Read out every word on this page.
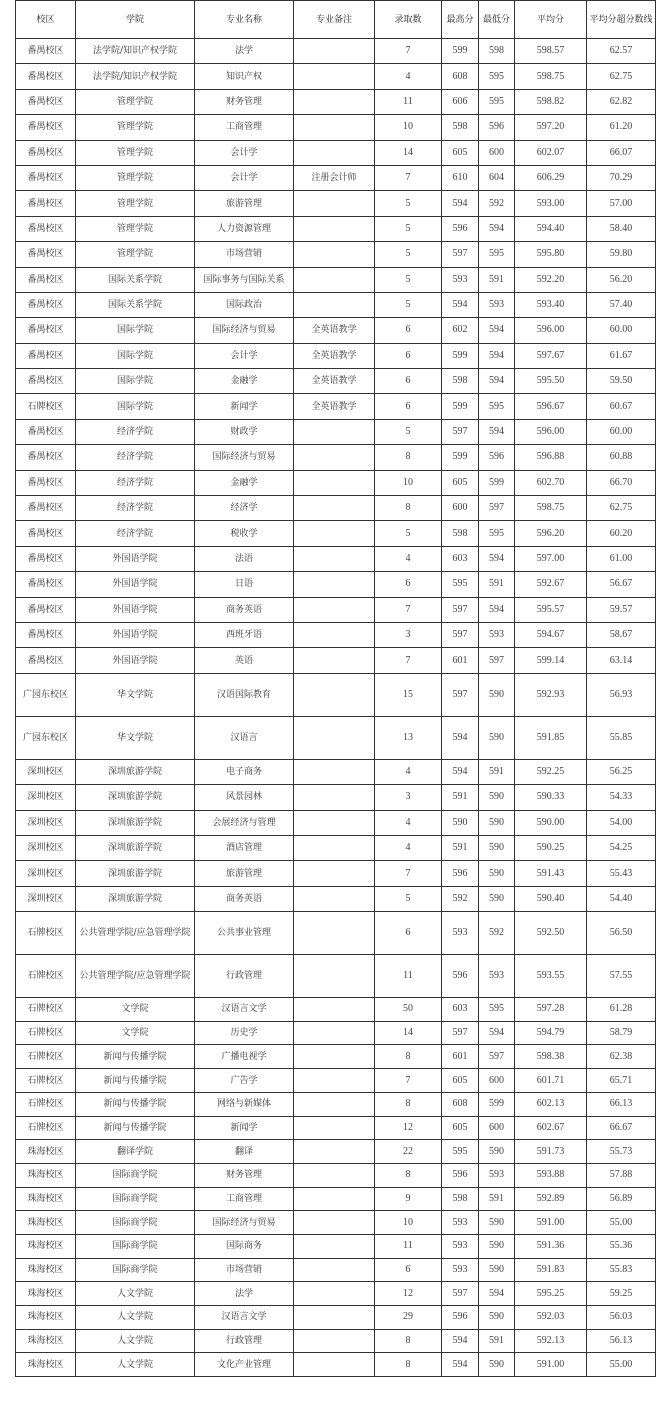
校区	学院	专业名称	专业备注	录取数	最高分	最低分	平均分	平均分超分数线
番禺校区	法学院/知识产权学院	法学		7	599	598	598.57	62.57
番禺校区	法学院/知识产权学院	知识产权		4	608	595	598.75	62.75
番禺校区	管理学院	财务管理		11	606	595	598.82	62.82
番禺校区	管理学院	工商管理		10	598	596	597.20	61.20
番禺校区	管理学院	会计学		14	605	600	602.07	66.07
番禺校区	管理学院	会计学	注册会计师	7	610	604	606.29	70.29
番禺校区	管理学院	旅游管理		5	594	592	593.00	57.00
番禺校区	管理学院	人力资源管理		5	596	594	594.40	58.40
番禺校区	管理学院	市场营销		5	597	595	595.80	59.80
番禺校区	国际关系学院	国际事务与国际关系		5	593	591	592.20	56.20
番禺校区	国际关系学院	国际政治		5	594	593	593.40	57.40
番禺校区	国际学院	国际经济与贸易	全英语教学	6	602	594	596.00	60.00
番禺校区	国际学院	会计学	全英语教学	6	599	594	597.67	61.67
番禺校区	国际学院	金融学	全英语教学	6	598	594	595.50	59.50
石牌校区	国际学院	新闻学	全英语教学	6	599	595	596.67	60.67
番禺校区	经济学院	财政学		5	597	594	596.00	60.00
番禺校区	经济学院	国际经济与贸易		8	599	596	596.88	60.88
番禺校区	经济学院	金融学		10	605	599	602.70	66.70
番禺校区	经济学院	经济学		8	600	597	598.75	62.75
番禺校区	经济学院	税收学		5	598	595	596.20	60.20
番禺校区	外国语学院	法语		4	603	594	597.00	61.00
番禺校区	外国语学院	日语		6	595	591	592.67	56.67
番禺校区	外国语学院	商务英语		7	597	594	595.57	59.57
番禺校区	外国语学院	西班牙语		3	597	593	594.67	58.67
番禺校区	外国语学院	英语		7	601	597	599.14	63.14
广园东校区	华文学院	汉语国际教育		15	597	590	592.93	56.93
广园东校区	华文学院	汉语言		13	594	590	591.85	55.85
深圳校区	深圳旅游学院	电子商务		4	594	591	592.25	56.25
深圳校区	深圳旅游学院	风景园林		3	591	590	590.33	54.33
深圳校区	深圳旅游学院	会展经济与管理		4	590	590	590.00	54.00
深圳校区	深圳旅游学院	酒店管理		4	591	590	590.25	54.25
深圳校区	深圳旅游学院	旅游管理		7	596	590	591.43	55.43
深圳校区	深圳旅游学院	商务英语		5	592	590	590.40	54.40
石牌校区	公共管理学院/应急管理学院	公共事业管理		6	593	592	592.50	56.50
石牌校区	公共管理学院/应急管理学院	行政管理		11	596	593	593.55	57.55
石牌校区	文学院	汉语言文学		50	603	595	597.28	61.28
石牌校区	文学院	历史学		14	597	594	594.79	58.79
石牌校区	新闻与传播学院	广播电视学		8	601	597	598.38	62.38
石牌校区	新闻与传播学院	广告学		7	605	600	601.71	65.71
石牌校区	新闻与传播学院	网络与新媒体		8	608	599	602.13	66.13
石牌校区	新闻与传播学院	新闻学		12	605	600	602.67	66.67
珠海校区	翻译学院	翻译		22	595	590	591.73	55.73
珠海校区	国际商学院	财务管理		8	596	593	593.88	57.88
珠海校区	国际商学院	工商管理		9	598	591	592.89	56.89
珠海校区	国际商学院	国际经济与贸易		10	593	590	591.00	55.00
珠海校区	国际商学院	国际商务		11	593	590	591.36	55.36
珠海校区	国际商学院	市场营销		6	593	590	591.83	55.83
珠海校区	人文学院	法学		12	597	594	595.25	59.25
珠海校区	人文学院	汉语言文学		29	596	590	592.03	56.03
珠海校区	人文学院	行政管理		8	594	591	592.13	56.13
珠海校区	人文学院	文化产业管理		8	594	590	591.00	55.00
